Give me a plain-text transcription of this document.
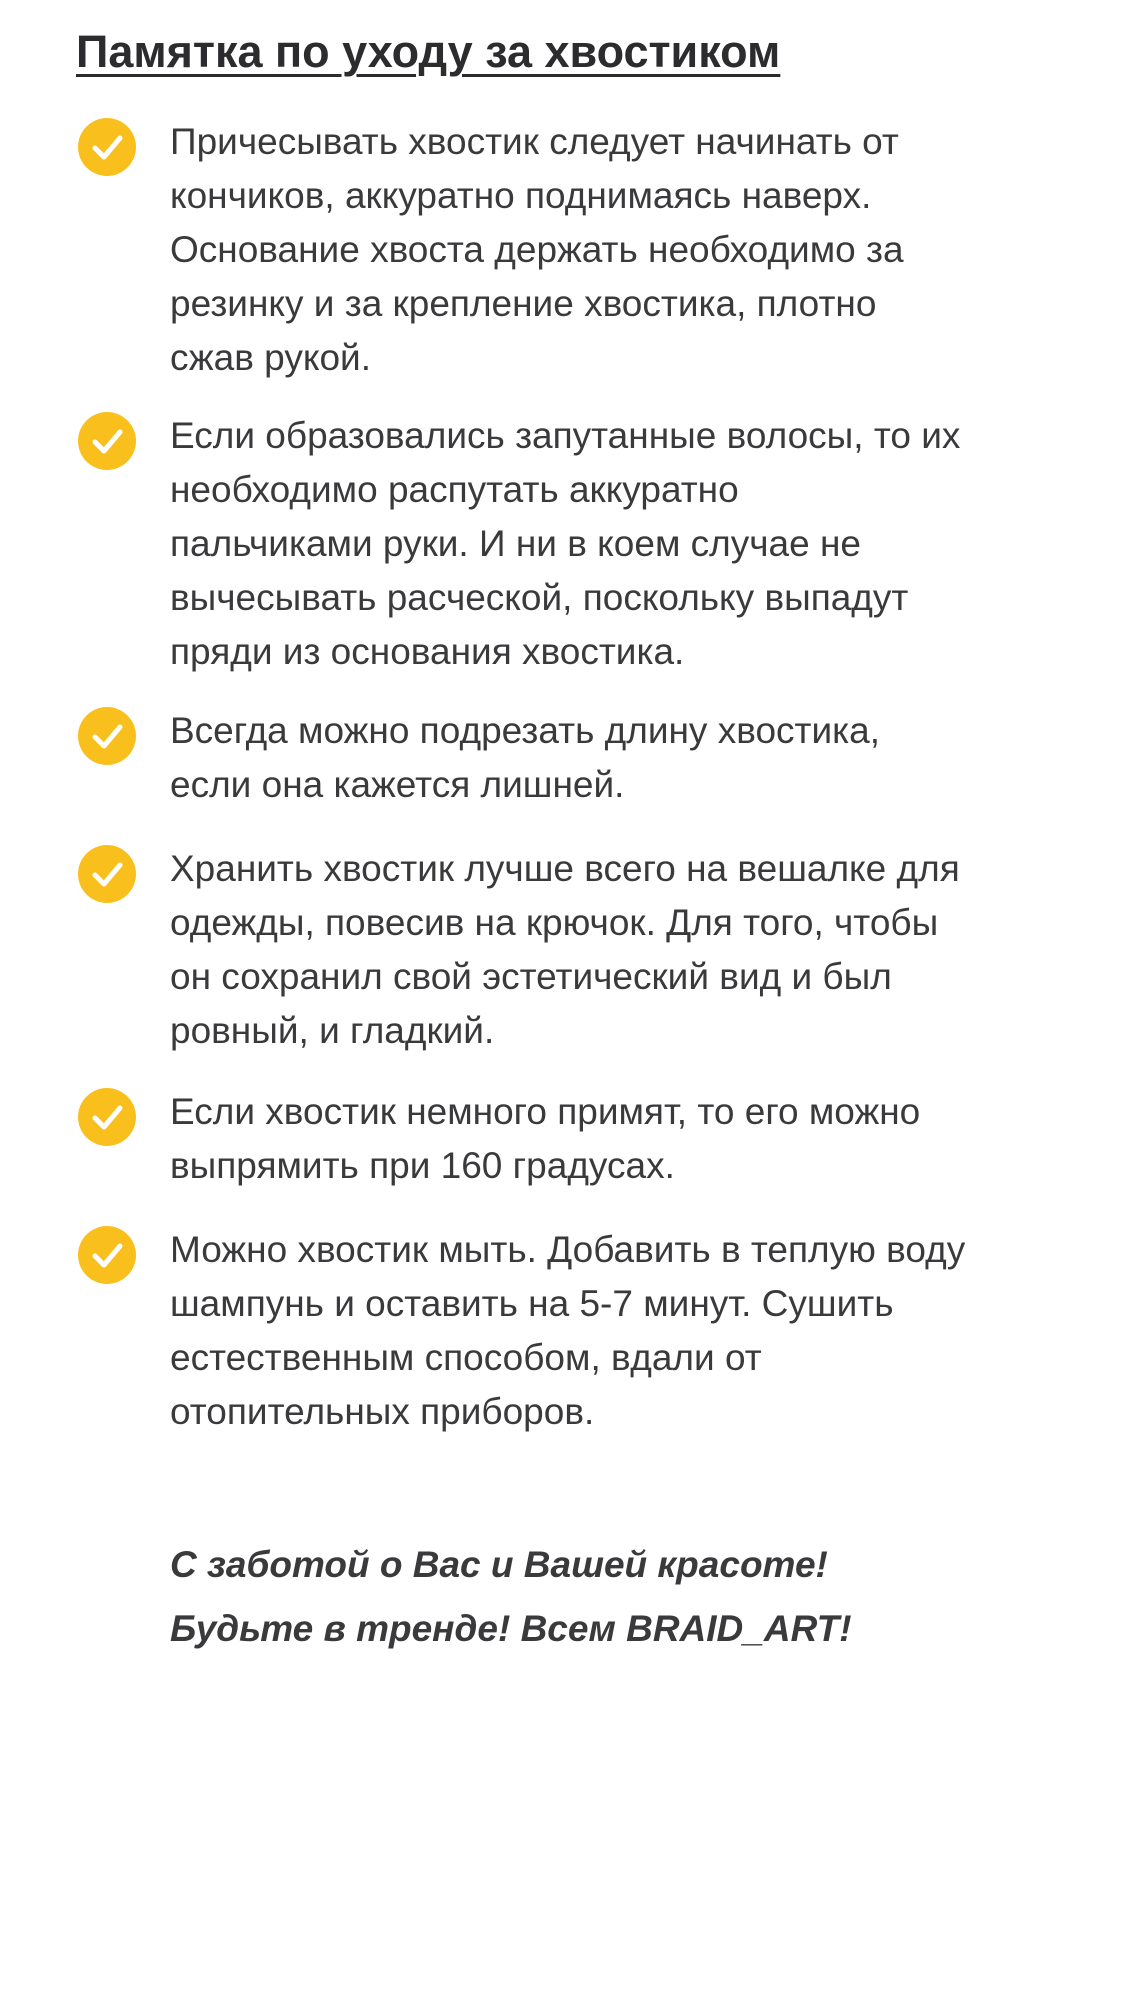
Памятка по уходу за хвостиком

Причесывать хвостик следует начинать от
кончиков, аккуратно поднимаясь наверх.
Основание хвоста держать необходимо за
резинку и за крепление хвостика, плотно
сжав рукой.

Если образовались запутанные волосы, то их
необходимо распутать аккуратно
пальчиками руки. И ни в коем случае не
вычесывать расческой, поскольку выпадут
пряди из основания хвостика.

Всегда можно подрезать длину хвостика,
если она кажется лишней.

Хранить хвостик лучше всего на вешалке для
одежды, повесив на крючок. Для того, чтобы
он сохранил свой эстетический вид и был
ровный, и гладкий.

Если хвостик немного примят, то его можно
выпрямить при 160 градусах.

Можно хвостик мыть. Добавить в теплую воду
шампунь и оставить на 5-7 минут. Сушить
естественным способом, вдали от
отопительных приборов.

С заботой о Вас и Вашей красоте!
Будьте в тренде! Всем BRAID_ART!
